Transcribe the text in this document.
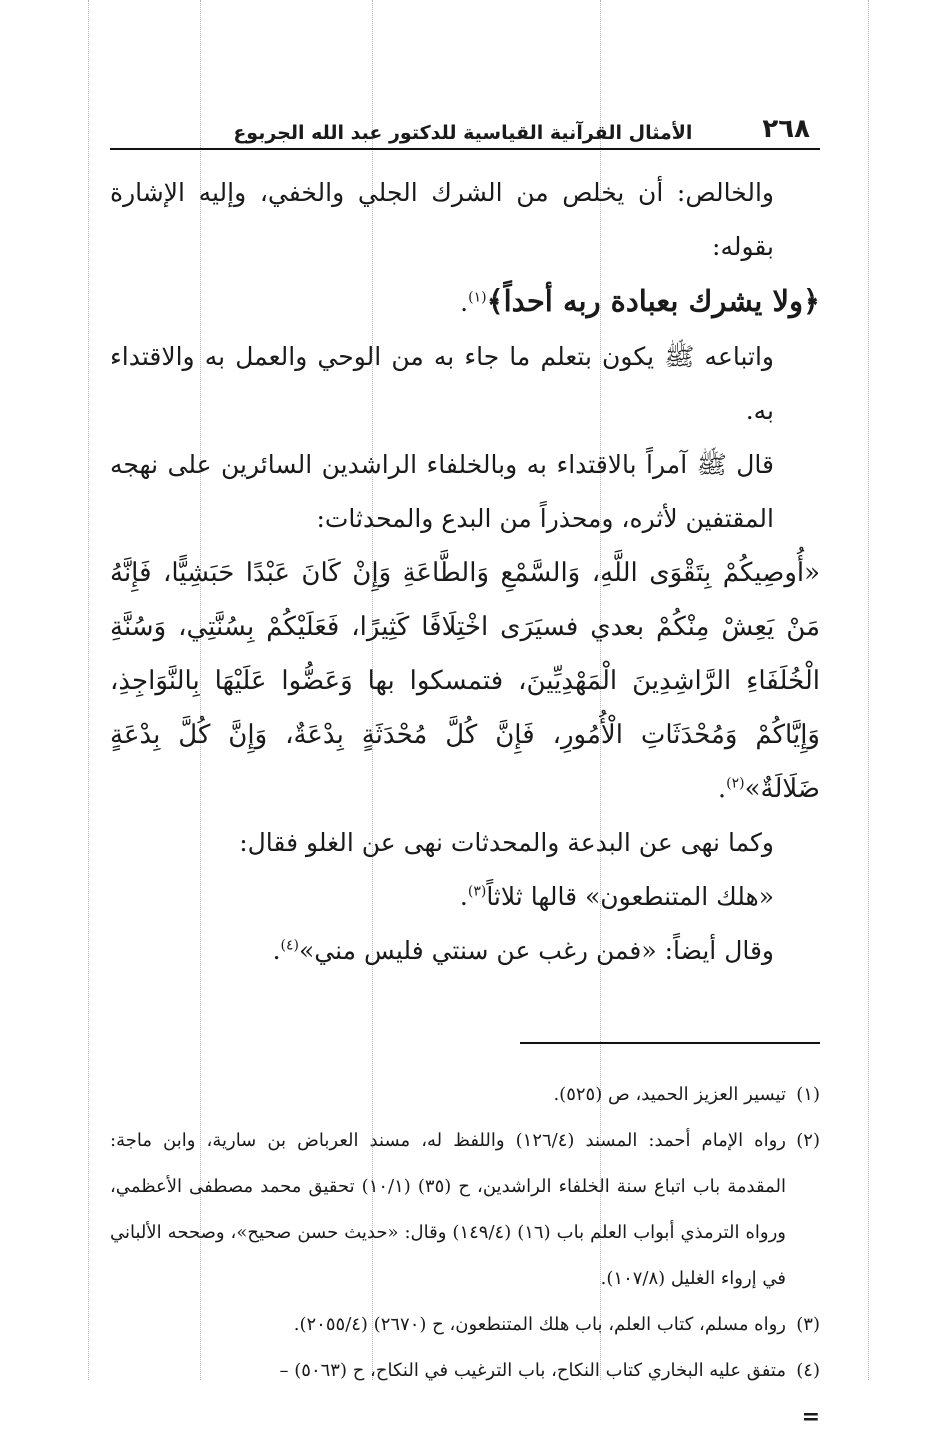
٢٦٨
الأمثال القرآنية القياسية للدكتور عبد الله الجربوع

والخالص: أن يخلص من الشرك الجلي والخفي، وإليه الإشارة بقوله:

﴿ولا يشرك بعبادة ربه أحداً﴾$^{(١)}$.

واتباعه ﷺ يكون بتعلم ما جاء به من الوحي والعمل به والاقتداء به.

قال ﷺ آمراً بالاقتداء به وبالخلفاء الراشدين السائرين على نهجه المقتفين لأثره، ومحذراً من البدع والمحدثات:

«أُوصِيكُمْ بِتَقْوَى اللَّهِ، وَالسَّمْعِ وَالطَّاعَةِ وَإِنْ كَانَ عَبْدًا حَبَشِيًّا، فَإِنَّهُ مَنْ يَعِشْ مِنْكُمْ بعدي فسيَرَى اخْتِلَافًا كَثِيرًا، فَعَلَيْكُمْ بِسُنَّتِي، وَسُنَّةِ الْخُلَفَاءِ الرَّاشِدِينَ الْمَهْدِيِّينَ، فتمسكوا بها وَعَضُّوا عَلَيْهَا بِالنَّوَاجِذِ، وَإِيَّاكُمْ وَمُحْدَثَاتِ الْأُمُورِ، فَإِنَّ كُلَّ مُحْدَثَةٍ بِدْعَةٌ، وَإِنَّ كُلَّ بِدْعَةٍ ضَلَالَةٌ»$^{(٢)}$.

وكما نهى عن البدعة والمحدثات نهى عن الغلو فقال:

«هلك المتنطعون» قالها ثلاثاً$^{(٣)}$.

وقال أيضاً: «فمن رغب عن سنتي فليس مني»$^{(٤)}$.

(١)
تيسير العزيز الحميد، ص (٥٢٥).

(٢)
رواه الإمام أحمد: المسند (١٢٦/٤) واللفظ له، مسند العرباض بن سارية، وابن ماجة: المقدمة باب اتباع سنة الخلفاء الراشدين، ح (٣٥) (١٠/١) تحقيق محمد مصطفى الأعظمي، ورواه الترمذي أبواب العلم باب (١٦) (١٤٩/٤) وقال: «حديث حسن صحيح»، وصححه الألباني في إرواء الغليل (١٠٧/٨).

(٣)
رواه مسلم، كتاب العلم، باب هلك المتنطعون، ح (٢٦٧٠) (٢٠٥٥/٤).

(٤)
متفق عليه البخاري كتاب النكاح، باب الترغيب في النكاح، ح (٥٠٦٣) –

=
